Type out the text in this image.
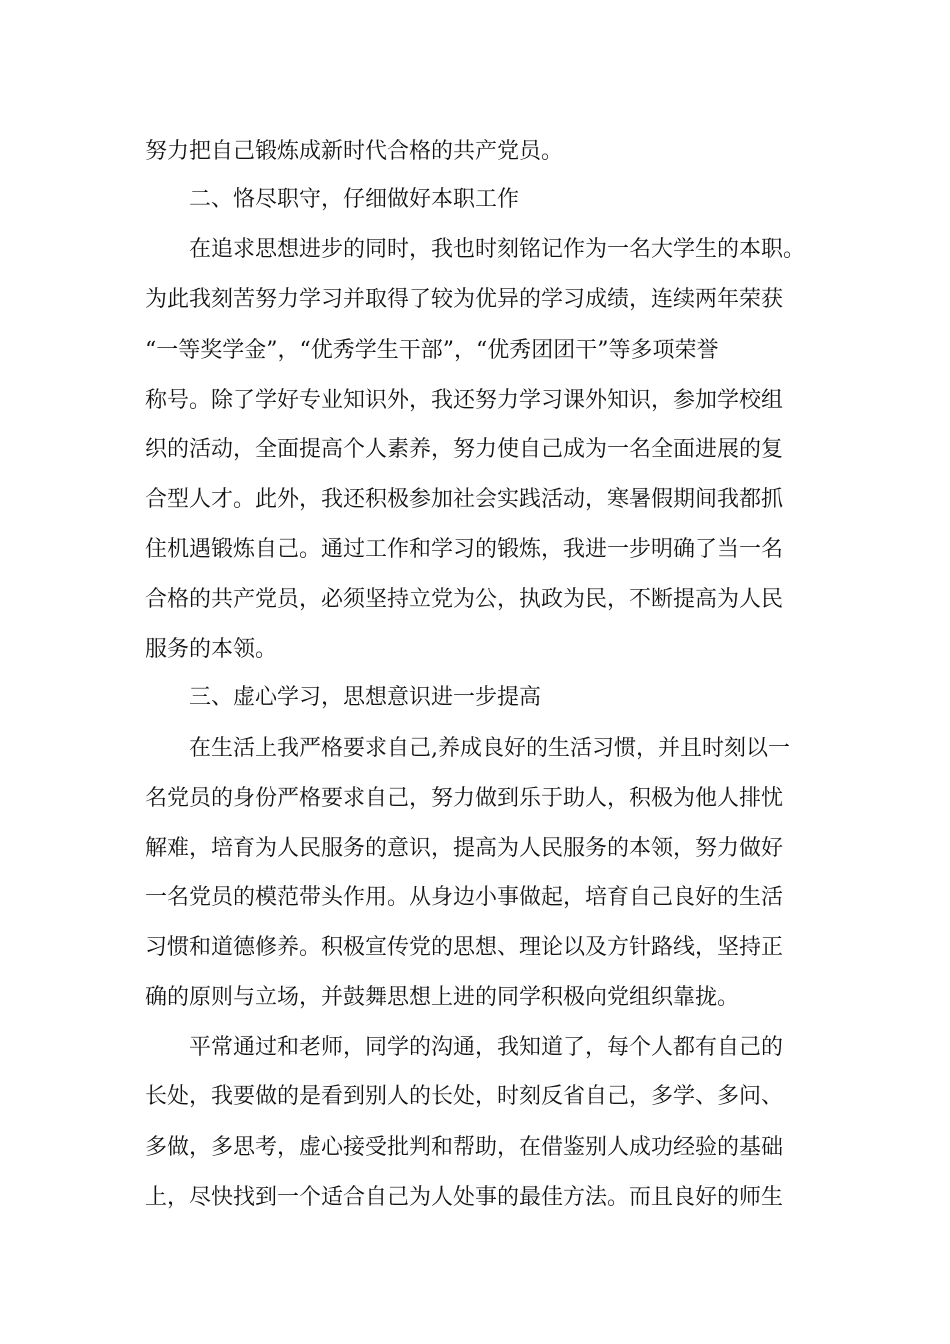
努力把自己锻炼成新时代合格的共产党员。
二、恪尽职守，仔细做好本职工作
在追求思想进步的同时，我也时刻铭记作为一名大学生的本职。
为此我刻苦努力学习并取得了较为优异的学习成绩，连续两年荣获
“一等奖学金”，“优秀学生干部”，“优秀团团干”等多项荣誉
称号。除了学好专业知识外，我还努力学习课外知识，参加学校组
织的活动，全面提高个人素养，努力使自己成为一名全面进展的复
合型人才。此外，我还积极参加社会实践活动，寒暑假期间我都抓
住机遇锻炼自己。通过工作和学习的锻炼，我进一步明确了当一名
合格的共产党员，必须坚持立党为公，执政为民，不断提高为人民
服务的本领。
三、虚心学习，思想意识进一步提高
在生活上我严格要求自己,养成良好的生活习惯，并且时刻以一
名党员的身份严格要求自己，努力做到乐于助人，积极为他人排忧
解难，培育为人民服务的意识，提高为人民服务的本领，努力做好
一名党员的模范带头作用。从身边小事做起，培育自己良好的生活
习惯和道德修养。积极宣传党的思想、理论以及方针路线，坚持正
确的原则与立场，并鼓舞思想上进的同学积极向党组织靠拢。
平常通过和老师，同学的沟通，我知道了，每个人都有自己的
长处，我要做的是看到别人的长处，时刻反省自己，多学、多问、
多做，多思考，虚心接受批判和帮助，在借鉴别人成功经验的基础
上，尽快找到一个适合自己为人处事的最佳方法。而且良好的师生
